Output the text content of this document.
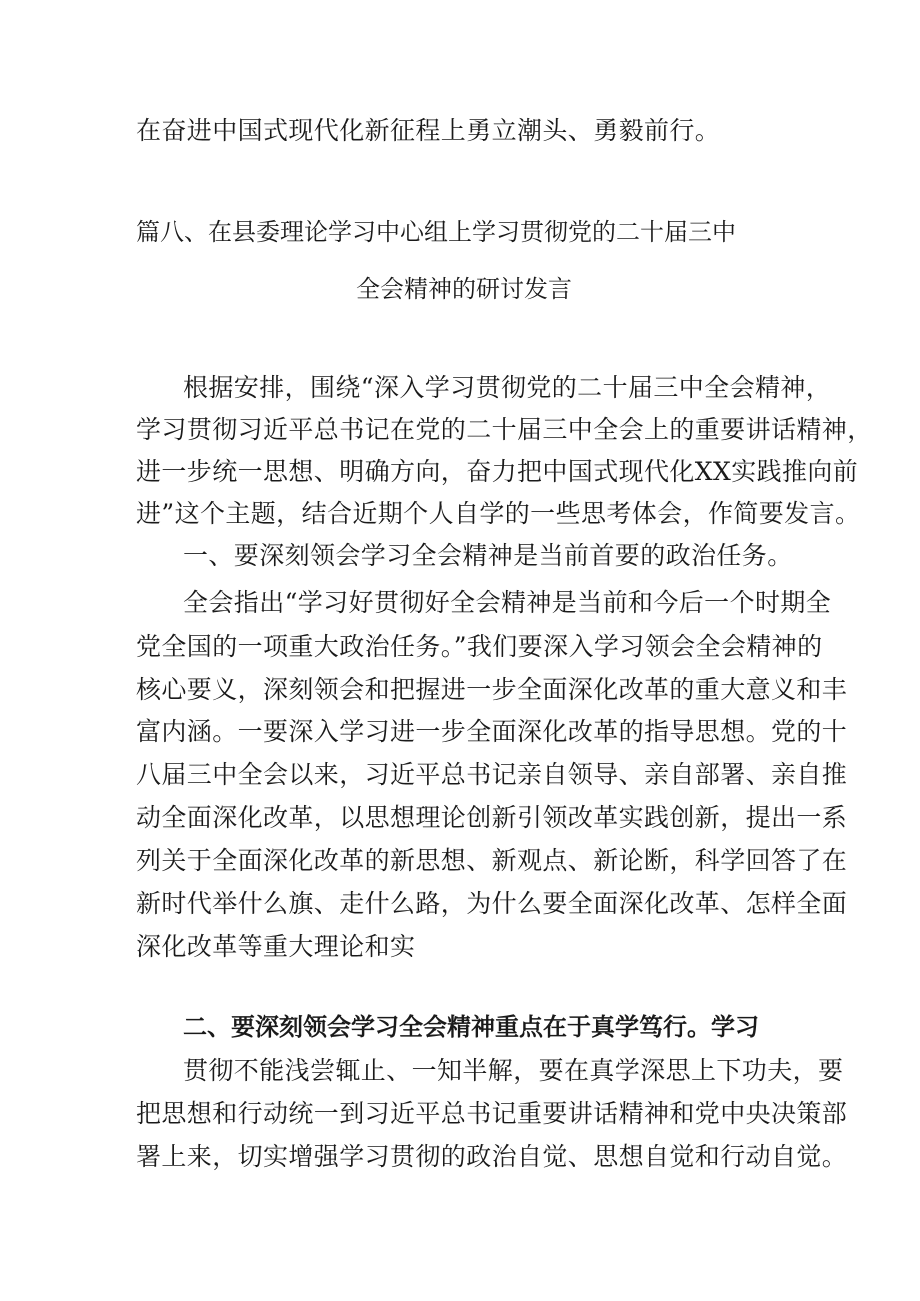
在奋进中国式现代化新征程上勇立潮头、勇毅前行。
篇八、在县委理论学习中心组上学习贯彻党的二十届三中
全会精神的研讨发言
根据安排，围绕“深入学习贯彻党的二十届三中全会精神，
学习贯彻习近平总书记在党的二十届三中全会上的重要讲话精神，
进一步统一思想、明确方向，奋力把中国式现代化XX实践推向前
进”这个主题，结合近期个人自学的一些思考体会，作简要发言。
一、要深刻领会学习全会精神是当前首要的政治任务。
全会指出“学习好贯彻好全会精神是当前和今后一个时期全
党全国的一项重大政治任务。”我们要深入学习领会全会精神的
核心要义，深刻领会和把握进一步全面深化改革的重大意义和丰
富内涵。一要深入学习进一步全面深化改革的指导思想。党的十
八届三中全会以来，习近平总书记亲自领导、亲自部署、亲自推
动全面深化改革，以思想理论创新引领改革实践创新，提出一系
列关于全面深化改革的新思想、新观点、新论断，科学回答了在
新时代举什么旗、走什么路，为什么要全面深化改革、怎样全面
深化改革等重大理论和实
二、要深刻领会学习全会精神重点在于真学笃行。学习
贯彻不能浅尝辄止、一知半解，要在真学深思上下功夫，要
把思想和行动统一到习近平总书记重要讲话精神和党中央决策部
署上来，切实增强学习贯彻的政治自觉、思想自觉和行动自觉。
